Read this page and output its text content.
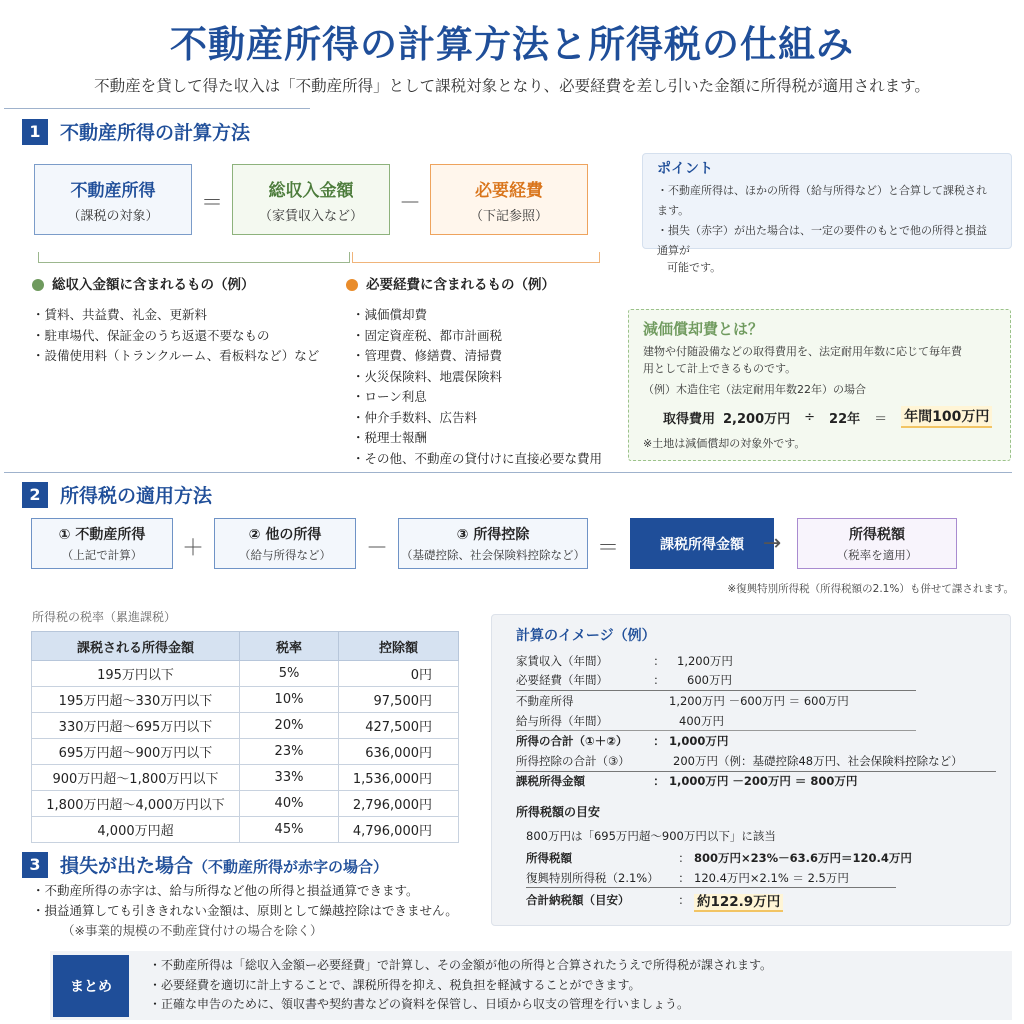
不動産所得の計算方法と所得税の仕組み
不動産を貸して得た収入は「不動産所得」として課税対象となり、必要経費を差し引いた金額に所得税が適用されます。
1	不動産所得の計算方法
不動産所得
（課税の対象） ＝
総収入金額
（家賃収入など） －
必要経費
（下記参照）
総収入金額に含まれるもの（例）
・賃料、共益費、礼金、更新料
・駐車場代、保証金のうち返還不要なもの
・設備使用料（トランクルーム、看板料など）など
必要経費に含まれるもの（例）
・減価償却費
・固定資産税、都市計画税
・管理費、修繕費、清掃費
・火災保険料、地震保険料
・ローン利息
・仲介手数料、広告料
・税理士報酬
・その他、不動産の貸付けに直接必要な費用
ポイント
・不動産所得は、ほかの所得（給与所得など）と合算して課税されます。
・損失（赤字）が出た場合は、一定の要件のもとで他の所得と損益通算が
可能です。
減価償却費とは？
建物や付随設備などの取得費用を、法定耐用年数に応じて毎年費
用として計上できるものです。
（例）木造住宅（法定耐用年数22年）の場合
取得費用 2,200万円	÷	22年	＝	年間100万円
※土地は減価償却の対象外です。
2	所得税の適用方法
① 不動産所得
（上記で計算） ＋
② 他の所得
（給与所得など） －
③ 所得控除
（基礎控除、社会保険料控除など） ＝	課税所得金額 →	所得税額
（税率を適用）
※復興特別所得税（所得税額の2.1%）も併せて課されます。
所得税の税率（累進課税）
課税される所得金額	税率	控除額
195万円以下	5%	0円
195万円超～330万円以下	10%	97,500円
330万円超～695万円以下	20%	427,500円
695万円超～900万円以下	23%	636,000円
900万円超～1,800万円以下	33%	1,536,000円
1,800万円超～4,000万円以下	40%	2,796,000円
4,000万円超	45%	4,796,000円
計算のイメージ（例）
家賃収入（年間）	：	1,200万円
必要経費（年間）	：	600万円
不動産所得	1,200万円 －600万円 ＝ 600万円
給与所得（年間）	400万円
所得の合計（①＋②）	： 1,000万円
所得控除の合計（③）	200万円（例：基礎控除48万円、社会保険料控除など）
課税所得金額	： 1,000万円 －200万円 ＝ 800万円
所得税額の目安
800万円は「695万円超～900万円以下」に該当
所得税額	： 800万円×23%－63.6万円＝120.4万円
復興特別所得税（2.1%）	： 120.4万円×2.1% ＝ 2.5万円
合計納税額（目安）	： 約122.9万円
3	損失が出た場合（不動産所得が赤字の場合）
・不動産所得の赤字は、給与所得など他の所得と損益通算できます。
・損益通算しても引ききれない金額は、原則として繰越控除はできません。
（※事業的規模の不動産貸付けの場合を除く）
まとめ
・不動産所得は「総収入金額ー必要経費」で計算し、その金額が他の所得と合算されたうえで所得税が課されます。
・必要経費を適切に計上することで、課税所得を抑え、税負担を軽減することができます。
・正確な申告のために、領収書や契約書などの資料を保管し、日頃から収支の管理を行いましょう。
